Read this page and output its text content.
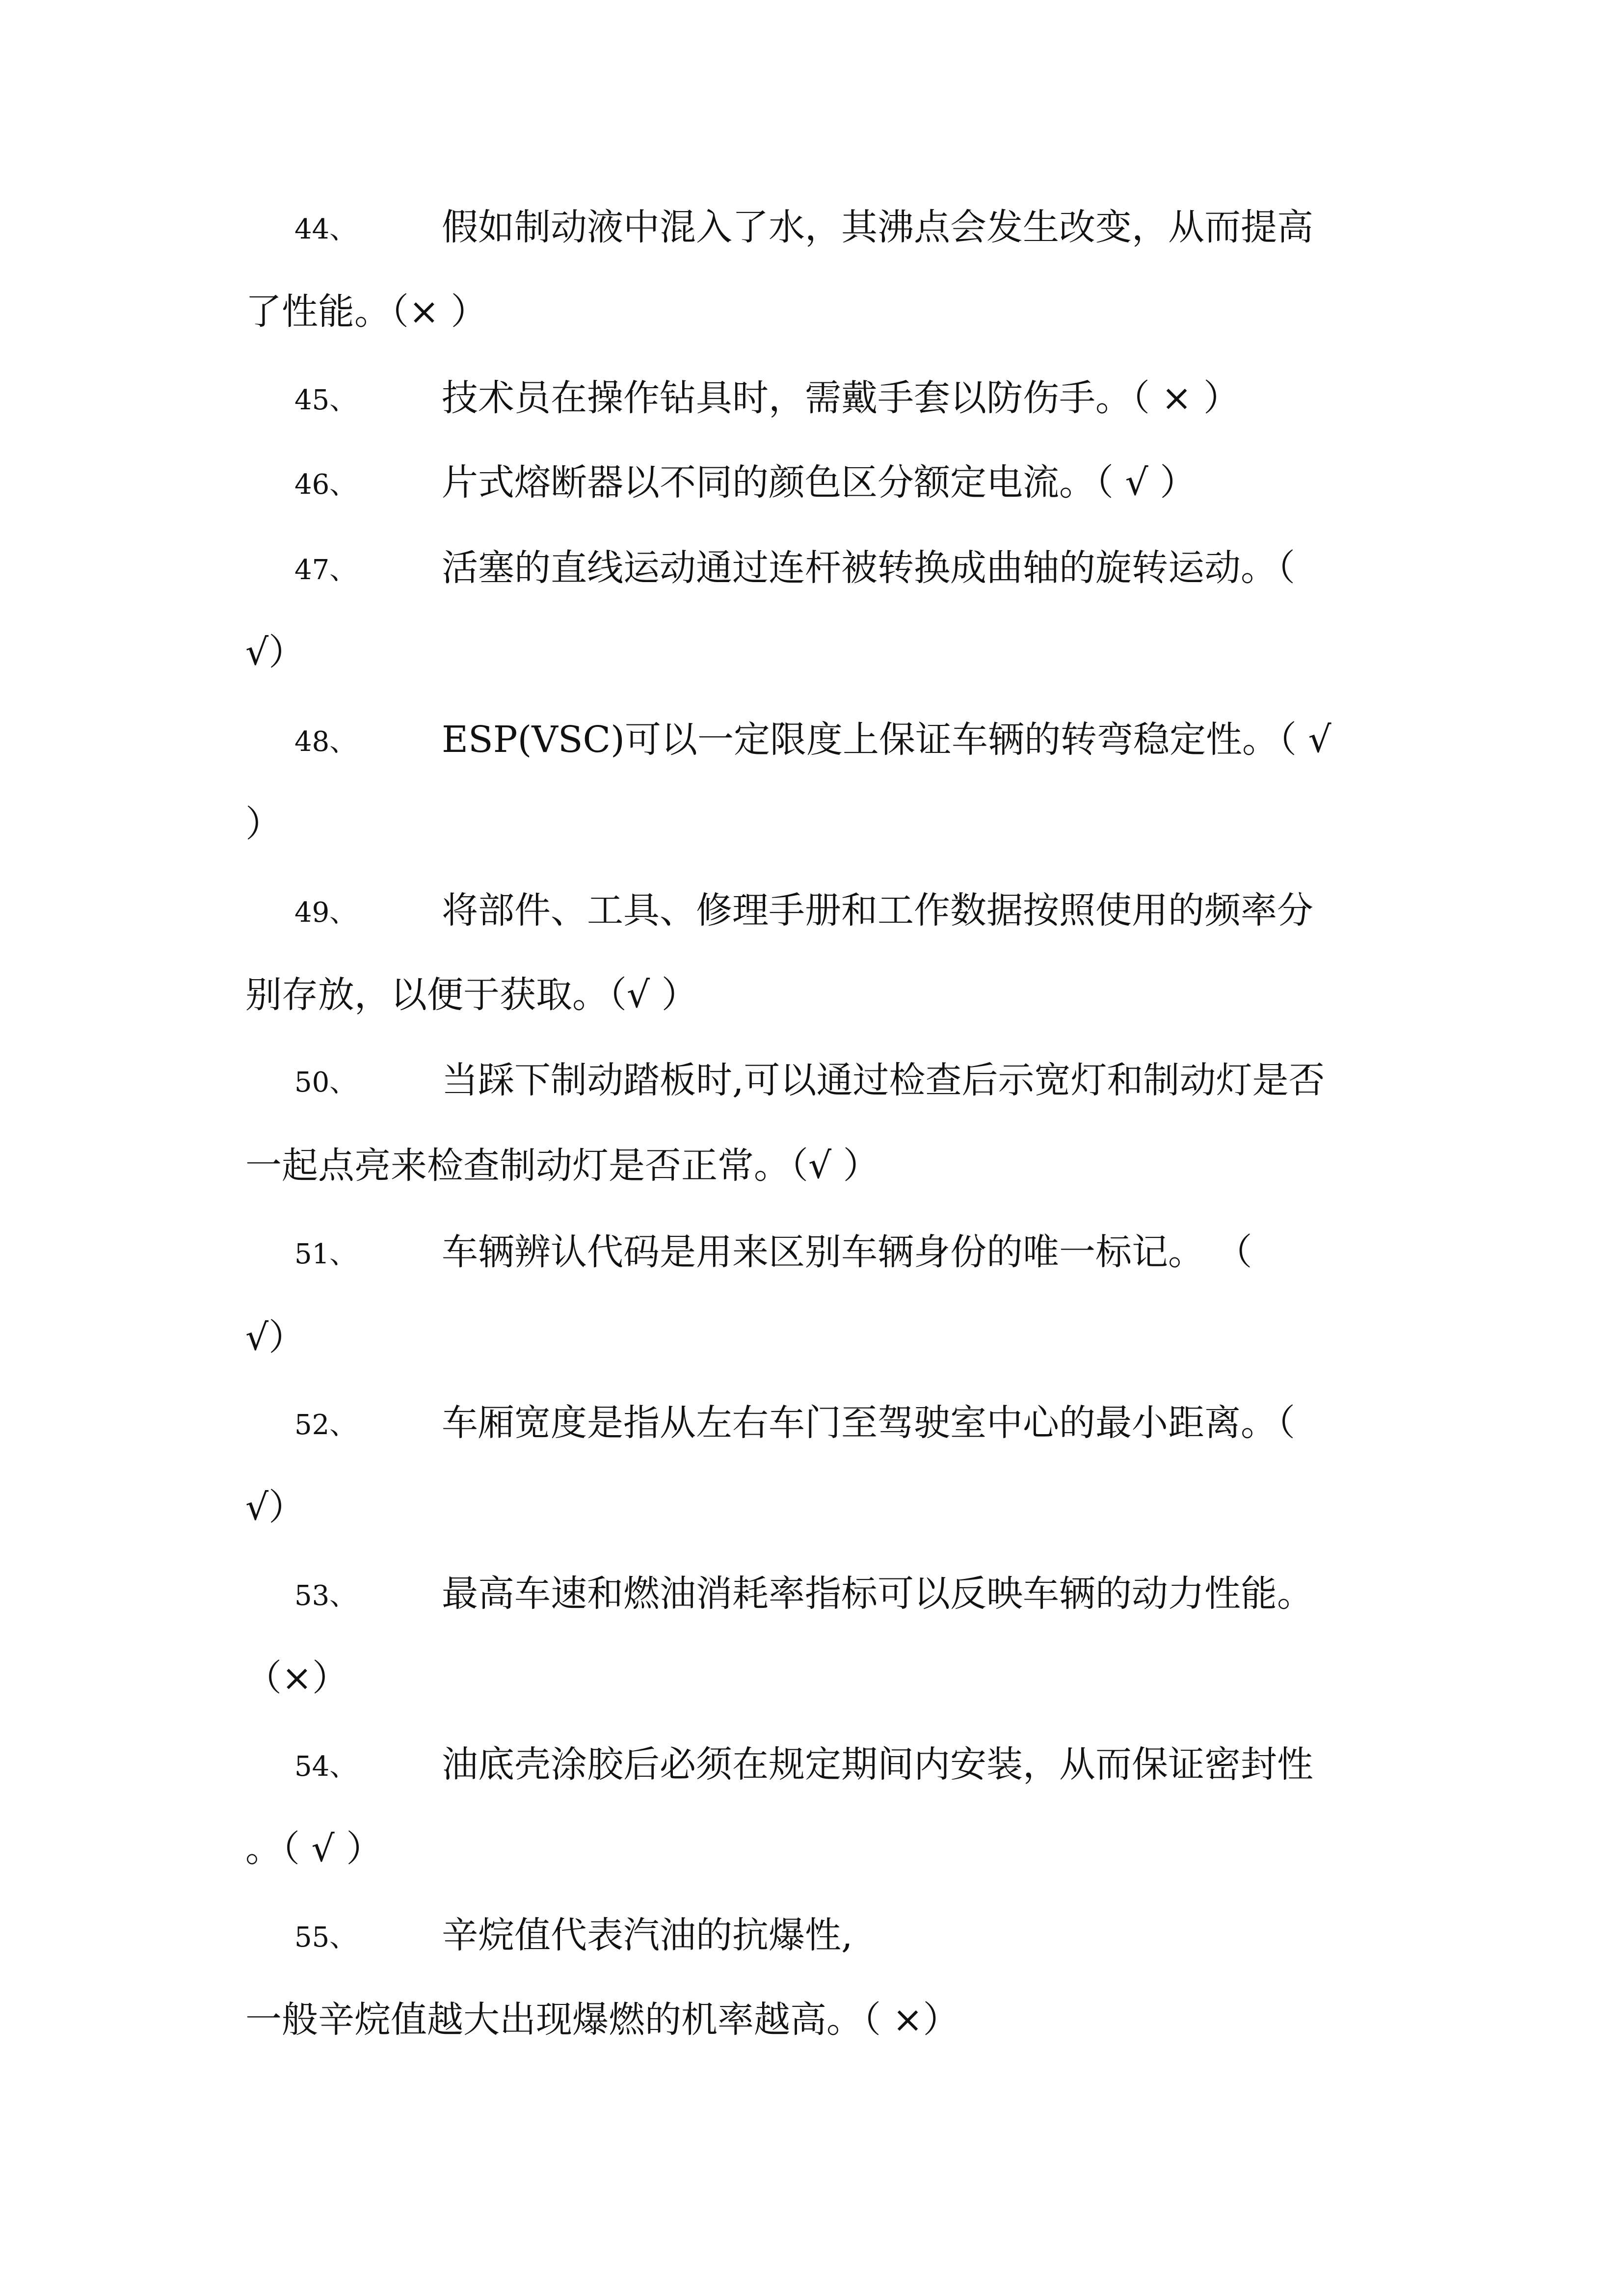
44、 假如制动液中混入了水，其沸点会发生改变，从而提高
了性能。（× ）
45、 技术员在操作钻具时，需戴手套以防伤手。（ × ）
46、 片式熔断器以不同的颜色区分额定电流。（ √ ）
47、 活塞的直线运动通过连杆被转换成曲轴的旋转运动。（
√）
48、 ESP(VSC)可以一定限度上保证车辆的转弯稳定性。（ √
）
49、 将部件、工具、修理手册和工作数据按照使用的频率分
别存放，以便于获取。（√ ）
50、 当踩下制动踏板时,可以通过检查后示宽灯和制动灯是否
一起点亮来检查制动灯是否正常。（√ ）
51、 车辆辨认代码是用来区别车辆身份的唯一标记。 （
√）
52、 车厢宽度是指从左右车门至驾驶室中心的最小距离。（
√）
53、 最高车速和燃油消耗率指标可以反映车辆的动力性能。
（×）
54、 油底壳涂胶后必须在规定期间内安装，从而保证密封性
。（ √ ）
55、 辛烷值代表汽油的抗爆性,
一般辛烷值越大出现爆燃的机率越高。（ ×）
